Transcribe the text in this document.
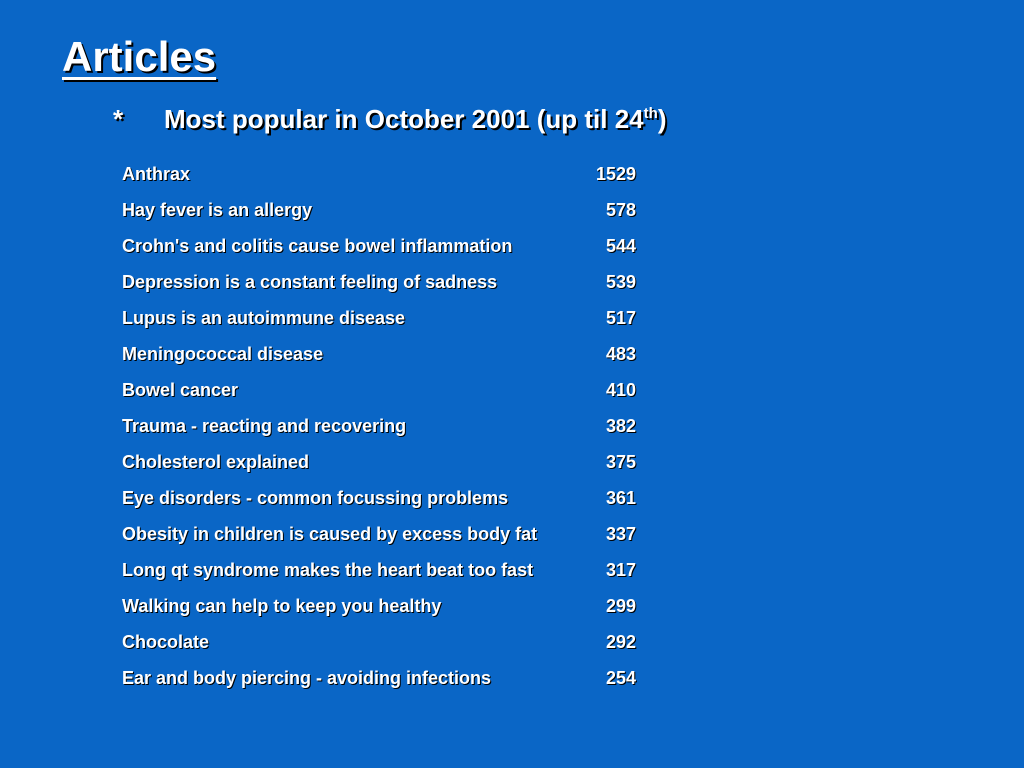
Articles
* Most popular in October 2001 (up til 24th)
Anthrax	1529
Hay fever is an allergy	578
Crohn's and colitis cause bowel inflammation	544
Depression is a constant feeling of sadness	539
Lupus is an autoimmune disease	517
Meningococcal disease	483
Bowel cancer	410
Trauma - reacting and recovering	382
Cholesterol explained	375
Eye disorders - common focussing problems	361
Obesity in children is caused by excess body fat	337
Long qt syndrome makes the heart beat too fast	317
Walking can help to keep you healthy	299
Chocolate	292
Ear and body piercing - avoiding infections	254
